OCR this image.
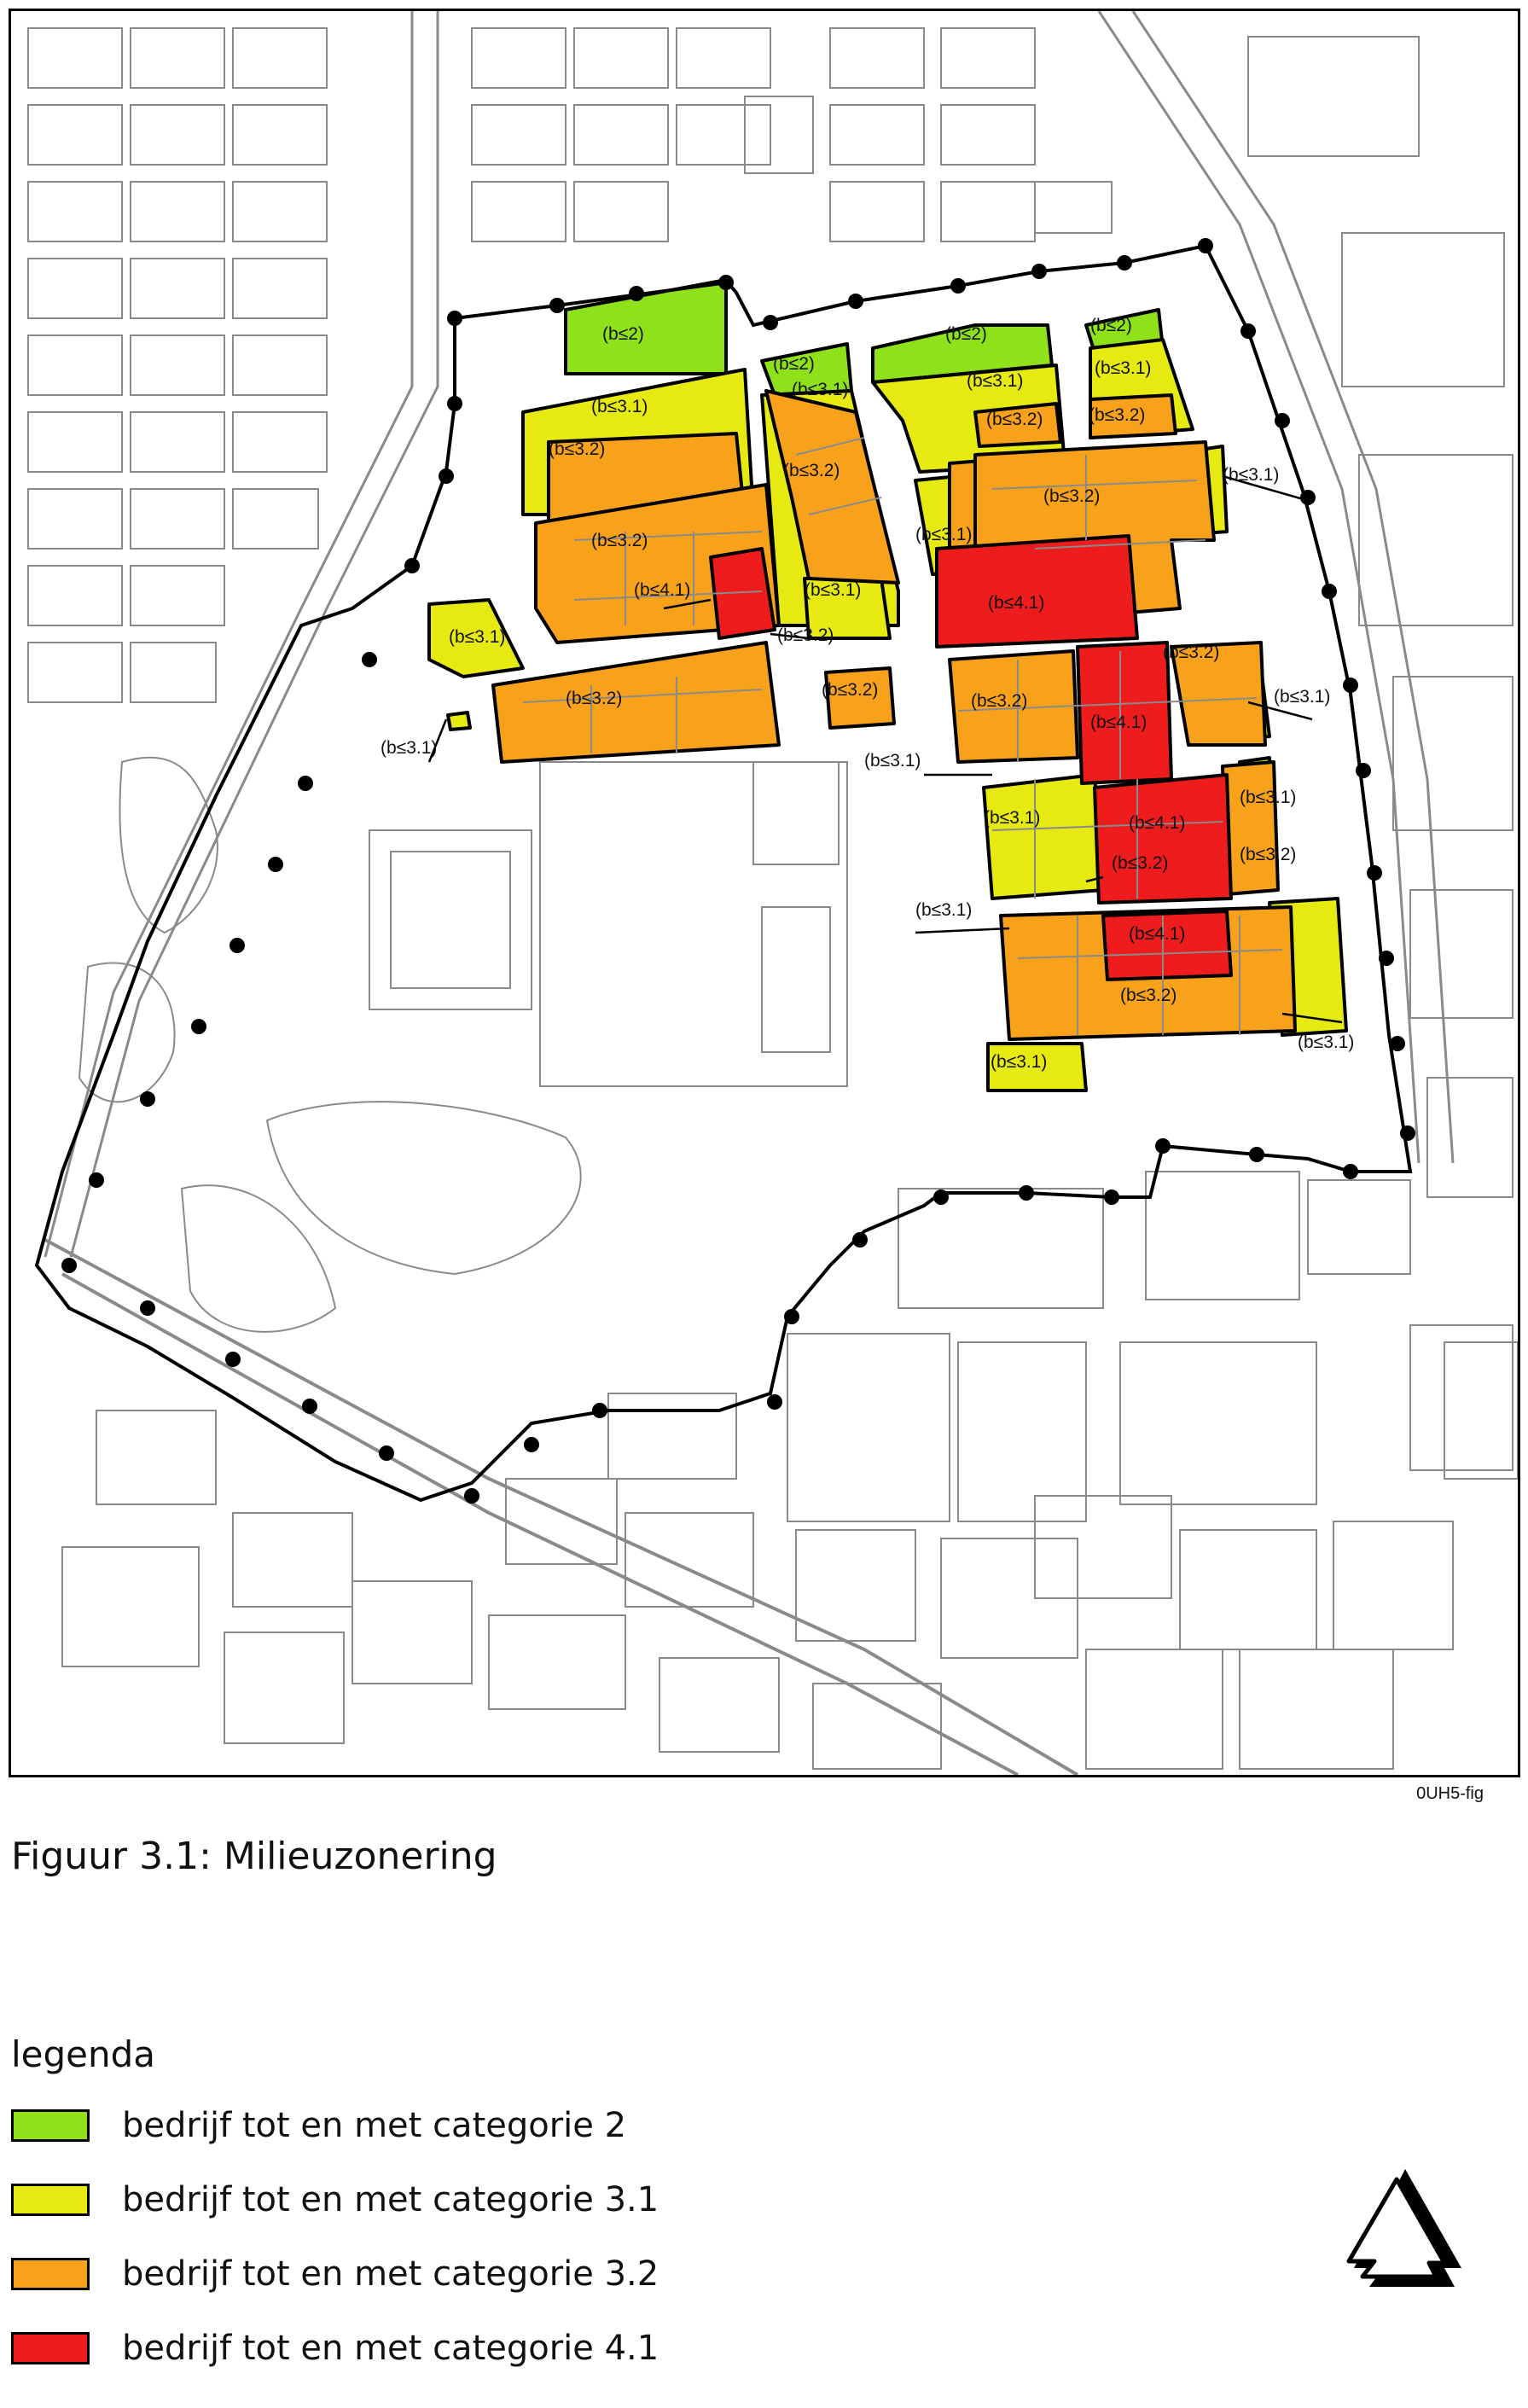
(b≤2)
(b≤2)
(b≤2)	(b≤2)
(b≤3.1)
(b≤3.1)	(b≤3.1)
(b≤3.1)
(b≤3.1)
(b≤3.1)
(b≤3.1)
(b≤3.1)
(b≤3.1)
(b≤3.1)
(b≤3.1)
(b≤3.1)
(b≤3.1)
(b≤3.1)
(b≤3.1)
(b≤3.1)
(b≤3.2)
(b≤3.2)	(b≤3.2)
(b≤3.2)
(b≤3.2)
(b≤3.2)
(b≤3.2)
(b≤3.2)
(b≤3.2)
(b≤3.2)	(b≤3.2)
(b≤3.2)	(b≤3.2)
(b≤3.2)
(b≤4.1)
(b≤4.1)
(b≤4.1)
(b≤4.1)
(b≤4.1)
0UH5-fig
Figuur 3.1: Milieuzonering
legenda
bedrijf tot en met categorie 2
bedrijf tot en met categorie 3.1
bedrijf tot en met categorie 3.2
bedrijf tot en met categorie 4.1
